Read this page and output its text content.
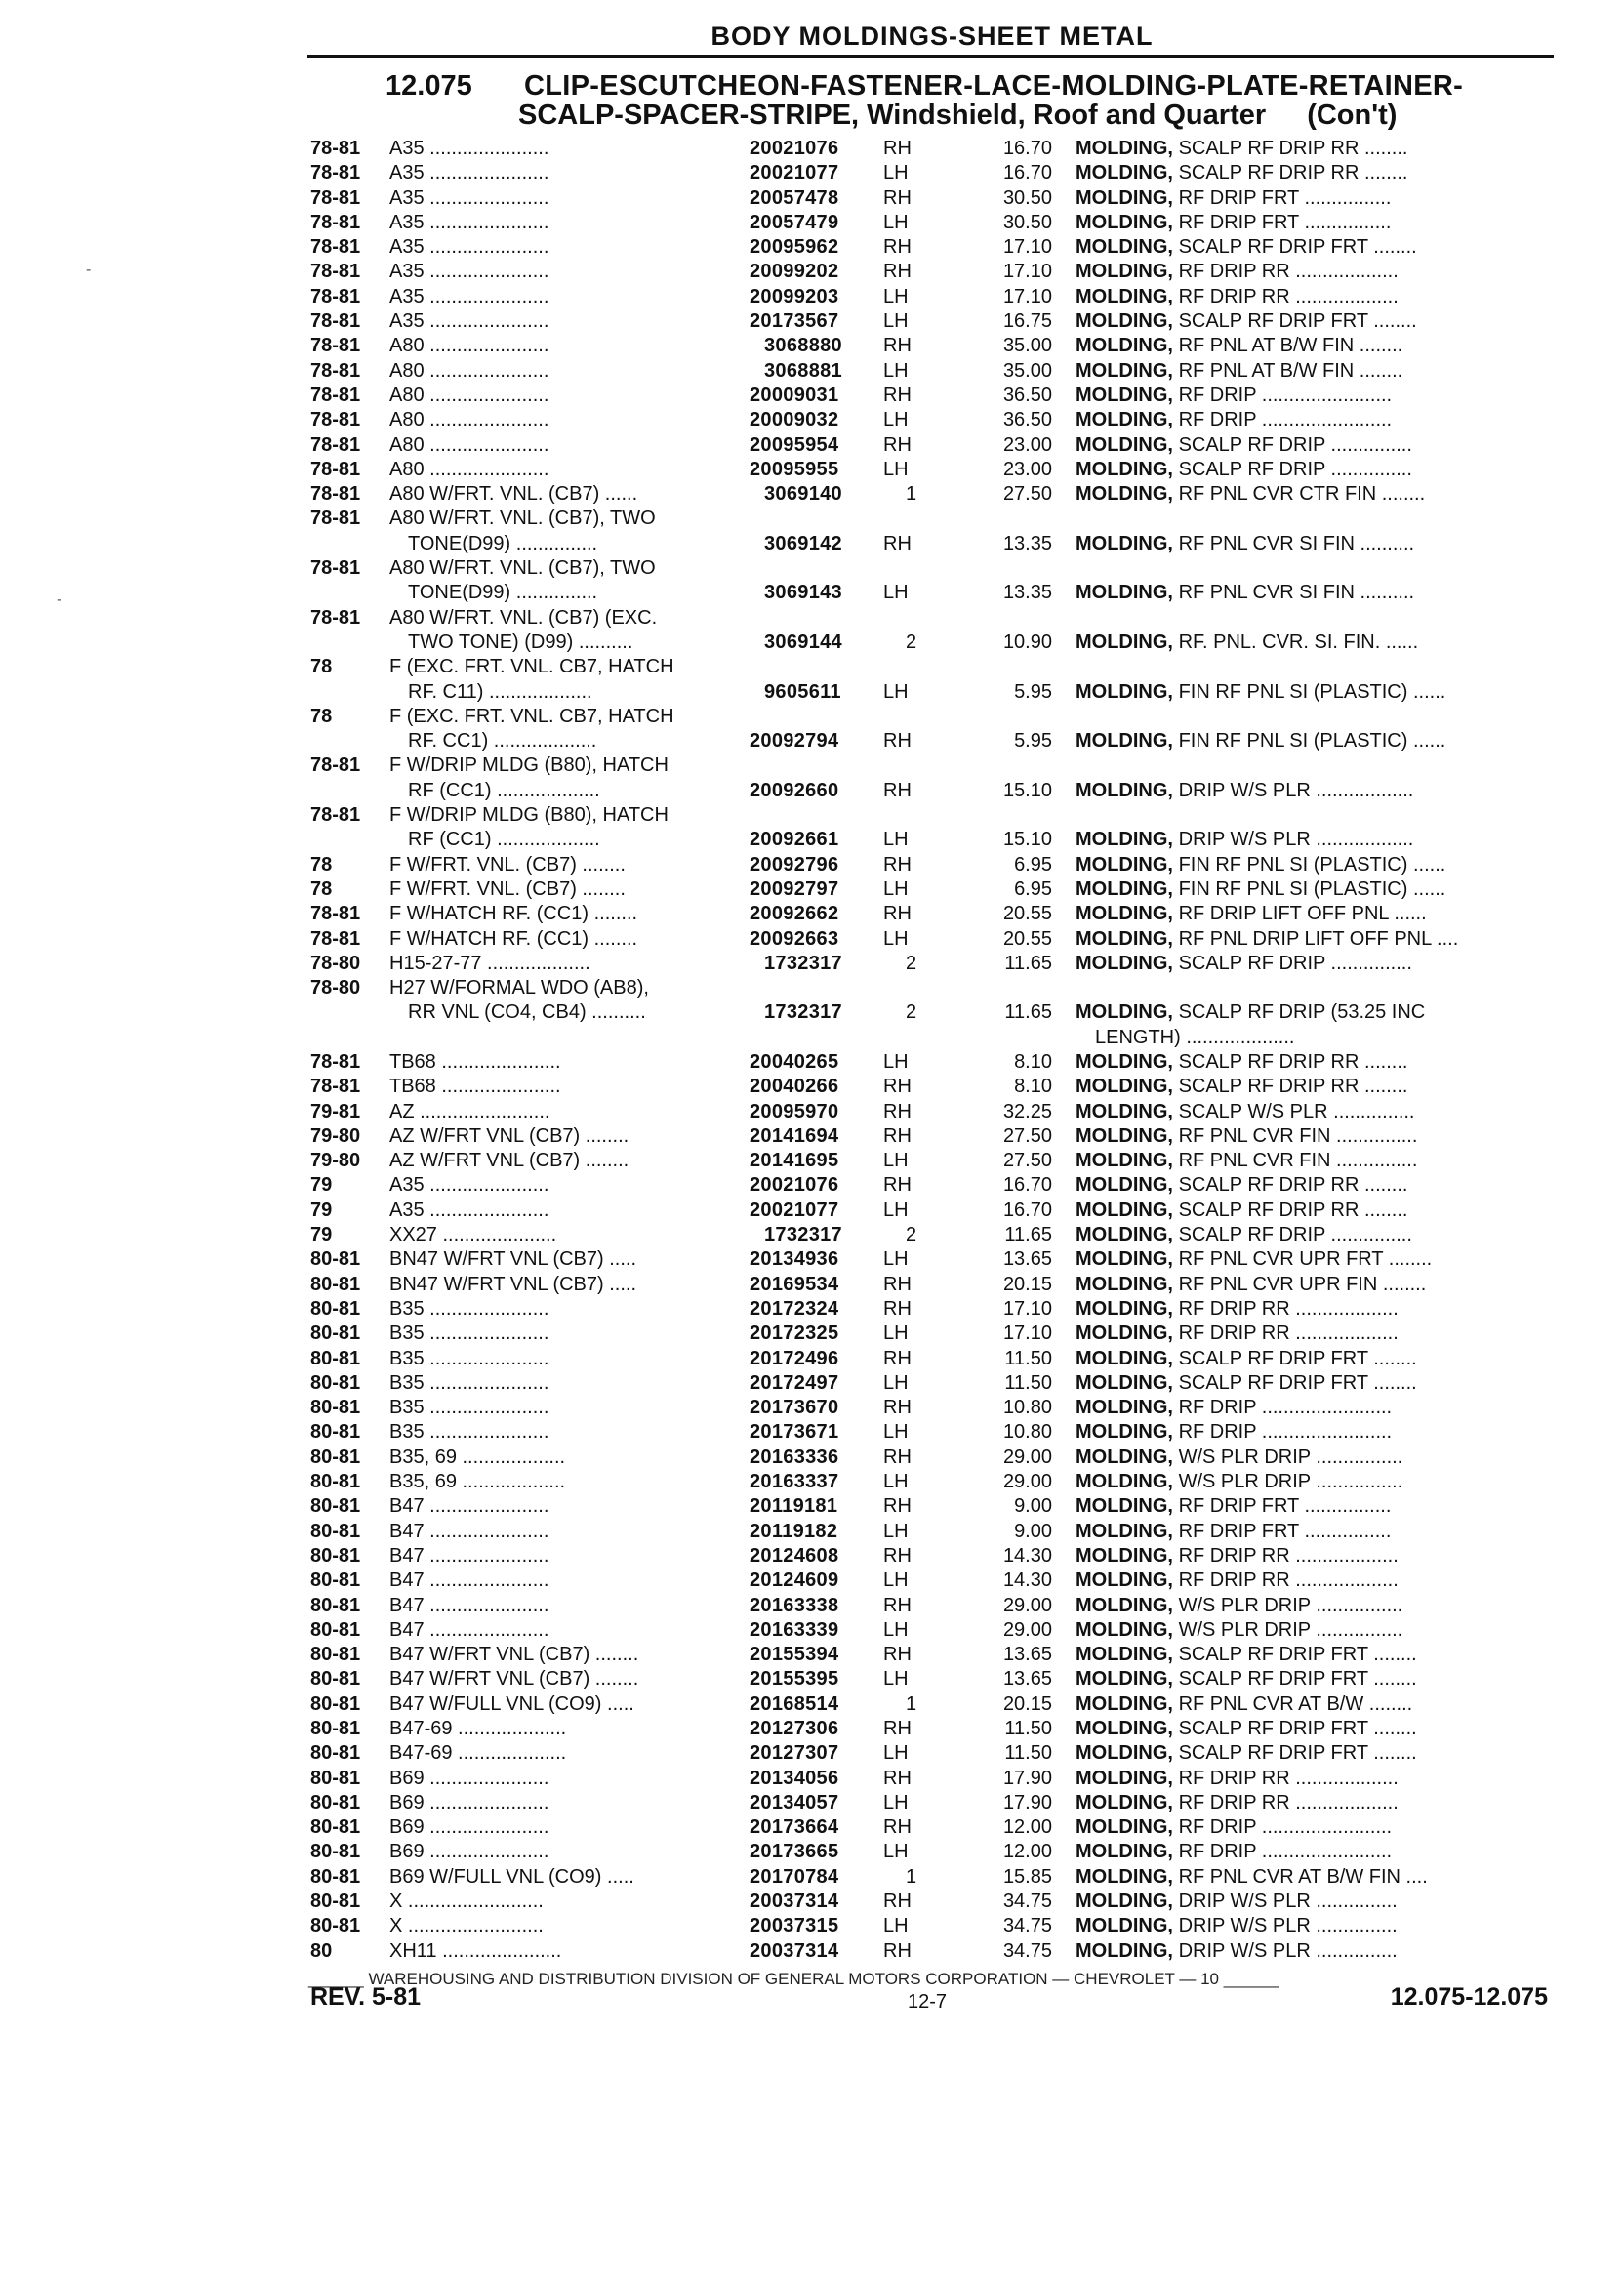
BODY MOLDINGS-SHEET METAL
12.075 CLIP-ESCUTCHEON-FASTENER-LACE-MOLDING-PLATE-RETAINER-
SCALP-SPACER-STRIPE, Windshield, Roof and Quarter (Con't)
78-81 A35 ......................	20021076 RH	16.70 MOLDING, SCALP RF DRIP RR ........
78-81 A35 ......................	20021077 LH	16.70 MOLDING, SCALP RF DRIP RR ........
78-81 A35 ......................	20057478 RH	30.50 MOLDING, RF DRIP FRT ................
78-81 A35 ......................	20057479 LH	30.50 MOLDING, RF DRIP FRT ................
78-81 A35 ......................	20095962 RH	17.10 MOLDING, SCALP RF DRIP FRT ........
78-81 A35 ......................	20099202 RH	17.10 MOLDING, RF DRIP RR ...................
78-81 A35 ......................	20099203 LH	17.10 MOLDING, RF DRIP RR ...................
78-81 A35 ......................	20173567 LH	16.75 MOLDING, SCALP RF DRIP FRT ........
78-81 A80 ......................	3068880 RH	35.00 MOLDING, RF PNL AT B/W FIN ........
78-81 A80 ......................	3068881 LH	35.00 MOLDING, RF PNL AT B/W FIN ........
78-81 A80 ......................	20009031 RH	36.50 MOLDING, RF DRIP ........................
78-81 A80 ......................	20009032 LH	36.50 MOLDING, RF DRIP ........................
78-81 A80 ......................	20095954 RH	23.00 MOLDING, SCALP RF DRIP ...............
78-81 A80 ......................	20095955 LH	23.00 MOLDING, SCALP RF DRIP ...............
78-81 A80 W/FRT. VNL. (CB7) ......	3069140	1	27.50 MOLDING, RF PNL CVR CTR FIN ........
78-81 A80 W/FRT. VNL. (CB7), TWO
TONE(D99) ...............	3069142 RH	13.35 MOLDING, RF PNL CVR SI FIN ..........
78-81 A80 W/FRT. VNL. (CB7), TWO
TONE(D99) ...............	3069143 LH	13.35 MOLDING, RF PNL CVR SI FIN ..........
78-81 A80 W/FRT. VNL. (CB7) (EXC.
TWO TONE) (D99) ..........	3069144	2	10.90 MOLDING, RF. PNL. CVR. SI. FIN. ......
78	F (EXC. FRT. VNL. CB7, HATCH
RF. C11) ...................	9605611 LH	5.95 MOLDING, FIN RF PNL SI (PLASTIC) ......
78	F (EXC. FRT. VNL. CB7, HATCH
RF. CC1) ...................	20092794 RH	5.95 MOLDING, FIN RF PNL SI (PLASTIC) ......
78-81 F W/DRIP MLDG (B80), HATCH
RF (CC1) ...................	20092660 RH	15.10 MOLDING, DRIP W/S PLR ..................
78-81 F W/DRIP MLDG (B80), HATCH
RF (CC1) ...................	20092661 LH	15.10 MOLDING, DRIP W/S PLR ..................
78	F W/FRT. VNL. (CB7) ........	20092796 RH	6.95 MOLDING, FIN RF PNL SI (PLASTIC) ......
78	F W/FRT. VNL. (CB7) ........	20092797 LH	6.95 MOLDING, FIN RF PNL SI (PLASTIC) ......
78-81 F W/HATCH RF. (CC1) ........	20092662 RH	20.55 MOLDING, RF DRIP LIFT OFF PNL ......
78-81 F W/HATCH RF. (CC1) ........	20092663 LH	20.55 MOLDING, RF PNL DRIP LIFT OFF PNL ....
78-80 H15-27-77 ...................	1732317	2	11.65 MOLDING, SCALP RF DRIP ...............
78-80 H27 W/FORMAL WDO (AB8),
RR VNL (CO4, CB4) ..........	1732317	2	11.65 MOLDING, SCALP RF DRIP (53.25 INC
LENGTH) ....................
78-81 TB68 ......................	20040265 LH	8.10 MOLDING, SCALP RF DRIP RR ........
78-81 TB68 ......................	20040266 RH	8.10 MOLDING, SCALP RF DRIP RR ........
79-81 AZ ........................	20095970 RH	32.25 MOLDING, SCALP W/S PLR ...............
79-80 AZ W/FRT VNL (CB7) ........	20141694 RH	27.50 MOLDING, RF PNL CVR FIN ...............
79-80 AZ W/FRT VNL (CB7) ........	20141695 LH	27.50 MOLDING, RF PNL CVR FIN ...............
79	A35 ......................	20021076 RH	16.70 MOLDING, SCALP RF DRIP RR ........
79	A35 ......................	20021077 LH	16.70 MOLDING, SCALP RF DRIP RR ........
79	XX27 .....................	1732317	2	11.65 MOLDING, SCALP RF DRIP ...............
80-81 BN47 W/FRT VNL (CB7) .....	20134936 LH	13.65 MOLDING, RF PNL CVR UPR FRT ........
80-81 BN47 W/FRT VNL (CB7) .....	20169534 RH	20.15 MOLDING, RF PNL CVR UPR FIN ........
80-81 B35 ......................	20172324 RH	17.10 MOLDING, RF DRIP RR ...................
80-81 B35 ......................	20172325 LH	17.10 MOLDING, RF DRIP RR ...................
80-81 B35 ......................	20172496 RH	11.50 MOLDING, SCALP RF DRIP FRT ........
80-81 B35 ......................	20172497 LH	11.50 MOLDING, SCALP RF DRIP FRT ........
80-81 B35 ......................	20173670 RH	10.80 MOLDING, RF DRIP ........................
80-81 B35 ......................	20173671 LH	10.80 MOLDING, RF DRIP ........................
80-81 B35, 69 ...................	20163336 RH	29.00 MOLDING, W/S PLR DRIP ................
80-81 B35, 69 ...................	20163337 LH	29.00 MOLDING, W/S PLR DRIP ................
80-81 B47 ......................	20119181 RH	9.00 MOLDING, RF DRIP FRT ................
80-81 B47 ......................	20119182 LH	9.00 MOLDING, RF DRIP FRT ................
80-81 B47 ......................	20124608 RH	14.30 MOLDING, RF DRIP RR ...................
80-81 B47 ......................	20124609 LH	14.30 MOLDING, RF DRIP RR ...................
80-81 B47 ......................	20163338 RH	29.00 MOLDING, W/S PLR DRIP ................
80-81 B47 ......................	20163339 LH	29.00 MOLDING, W/S PLR DRIP ................
80-81 B47 W/FRT VNL (CB7) ........	20155394 RH	13.65 MOLDING, SCALP RF DRIP FRT ........
80-81 B47 W/FRT VNL (CB7) ........	20155395 LH	13.65 MOLDING, SCALP RF DRIP FRT ........
80-81 B47 W/FULL VNL (CO9) .....	20168514	1	20.15 MOLDING, RF PNL CVR AT B/W ........
80-81 B47-69 ....................	20127306 RH	11.50 MOLDING, SCALP RF DRIP FRT ........
80-81 B47-69 ....................	20127307 LH	11.50 MOLDING, SCALP RF DRIP FRT ........
80-81 B69 ......................	20134056 RH	17.90 MOLDING, RF DRIP RR ...................
80-81 B69 ......................	20134057 LH	17.90 MOLDING, RF DRIP RR ...................
80-81 B69 ......................	20173664 RH	12.00 MOLDING, RF DRIP ........................
80-81 B69 ......................	20173665 LH	12.00 MOLDING, RF DRIP ........................
80-81 B69 W/FULL VNL (CO9) .....	20170784	1	15.85 MOLDING, RF PNL CVR AT B/W FIN ....
80-81 X .........................	20037314 RH	34.75 MOLDING, DRIP W/S PLR ...............
80-81 X .........................	20037315 LH	34.75 MOLDING, DRIP W/S PLR ...............
80	XH11 ......................	20037314 RH	34.75 MOLDING, DRIP W/S PLR ...............
-
-
______ WAREHOUSING AND DISTRIBUTION DIVISION OF GENERAL MOTORS CORPORATION — CHEVROLET — 10 ______
REV. 5-81	12-7	12.075-12.075
